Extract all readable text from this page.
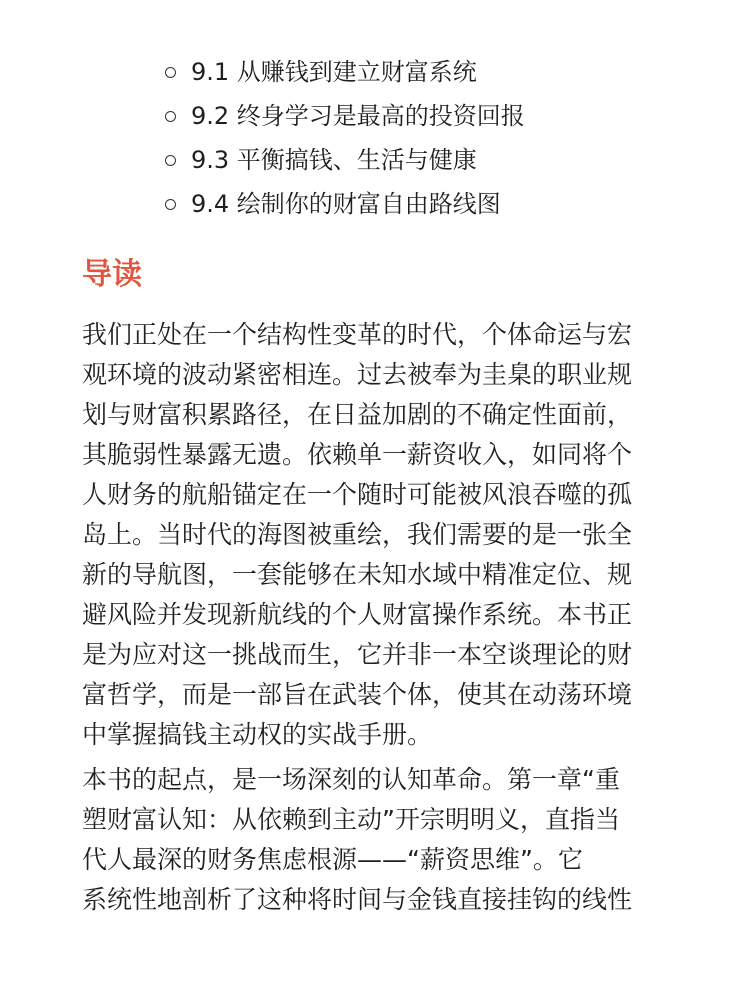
9.1 从赚钱到建立财富系统
9.2 终身学习是最高的投资回报
9.3 平衡搞钱、生活与健康
9.4 绘制你的财富自由路线图
导读
我们正处在一个结构性变革的时代，个体命运与宏
观环境的波动紧密相连。过去被奉为圭臬的职业规
划与财富积累路径，在日益加剧的不确定性面前，
其脆弱性暴露无遗。依赖单一薪资收入，如同将个
人财务的航船锚定在一个随时可能被风浪吞噬的孤
岛上。当时代的海图被重绘，我们需要的是一张全
新的导航图，一套能够在未知水域中精准定位、规
避风险并发现新航线的个人财富操作系统。本书正
是为应对这一挑战而生，它并非一本空谈理论的财
富哲学，而是一部旨在武装个体，使其在动荡环境
中掌握搞钱主动权的实战手册。
本书的起点，是一场深刻的认知革命。第一章“重
塑财富认知：从依赖到主动”开宗明明义，直指当
代人最深的财务焦虑根源——“薪资思维”。它
系统性地剖析了这种将时间与金钱直接挂钩的线性
